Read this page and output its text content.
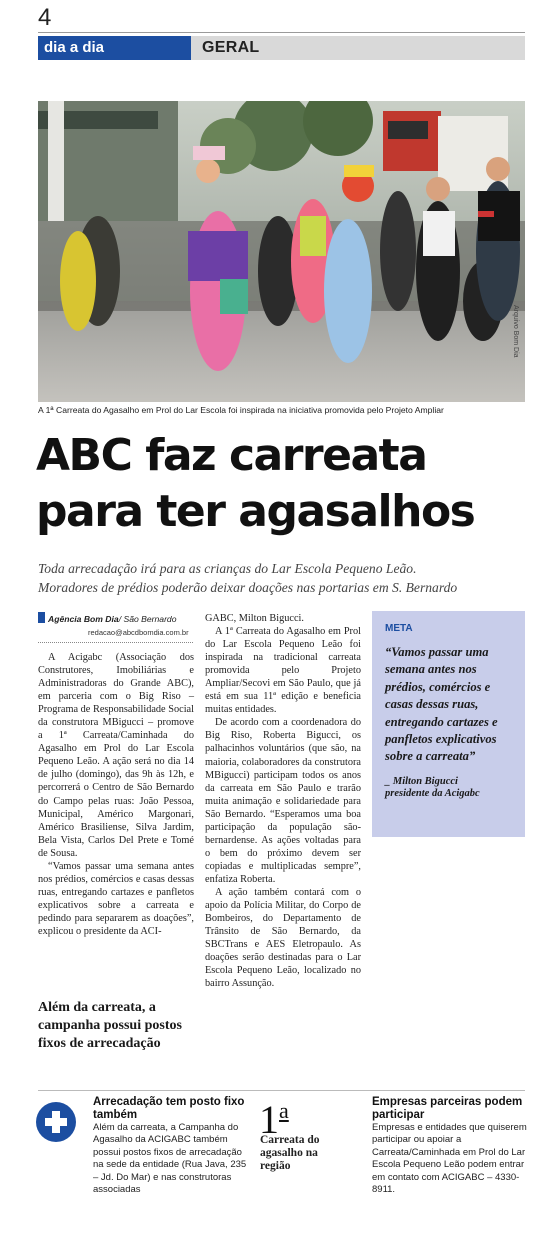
4
dia a dia	GERAL
Arquivo Bom Dia
A 1ª Carreata do Agasalho em Prol do Lar Escola foi inspirada na iniciativa promovida pelo Projeto Ampliar
ABC faz carreata
para ter agasalhos
Toda arrecadação irá para as crianças do Lar Escola Pequeno Leão.
Moradores de prédios poderão deixar doações nas portarias em S. Bernardo
Agência Bom Dia/ São Bernardo
redacao@abcdbomdia.com.br

A Acigabc (Associação dos Construtores, Imobiliárias e Administradoras do Grande ABC), em parceria com o Big Riso – Programa de Responsabilidade Social da construtora MBigucci – promove a 1ª Carreata/Caminhada do Agasalho em Prol do Lar Escola Pequeno Leão. A ação será no dia 14 de julho (domingo), das 9h às 12h, e percorrerá o Centro de São Bernardo do Campo pelas ruas: João Pessoa, Municipal, Américo Margonari, Américo Brasiliense, Silva Jardim, Bela Vista, Carlos Del Prete e Tomé de Sousa.

“Vamos passar uma semana antes nos prédios, comércios e casas dessas ruas, entregando cartazes e panfletos explicativos sobre a carreata e pedindo para separarem as doações”, explicou o presidente da ACI-

Além da carreata, a campanha possui postos fixos de arrecadação
GABC, Milton Bigucci.

A 1ª Carreata do Agasalho em Prol do Lar Escola Pequeno Leão foi inspirada na tradicional carreata promovida pelo Projeto Ampliar/Secovi em São Paulo, que já está em sua 11ª edição e beneficia muitas entidades.

De acordo com a coordenadora do Big Riso, Roberta Bigucci, os palhacinhos voluntários (que são, na maioria, colaboradores da construtora MBigucci) participam todos os anos da carreata em São Paulo e trarão muita animação e solidariedade para São Bernardo. “Esperamos uma boa participação da população são-bernardense. As ações voltadas para o bem do próximo devem ser copiadas e multiplicadas sempre”, enfatiza Roberta.

A ação também contará com o apoio da Polícia Militar, do Corpo de Bombeiros, do Departamento de Trânsito de São Bernardo, da SBCTrans e AES Eletropaulo. As doações serão destinadas para o Lar Escola Pequeno Leão, localizado no bairro Assunção.

META
“Vamos passar uma semana antes nos prédios, comércios e casas dessas ruas, entregando cartazes e panfletos explicativos sobre a carreata”
_ Milton Bigucci
presidente da Acigabc
Arrecadação tem posto fixo também
Além da carreata, a Campanha do Agasalho da ACIGABC também possui postos fixos de arrecadação na sede da entidade (Rua Java, 235 – Jd. Do Mar) e nas construtoras associadas
1$^a$
Carreata do agasalho na região
Empresas parceiras podem participar
Empresas e entidades que quiserem participar ou apoiar a Carreata/Caminhada em Prol do Lar Escola Pequeno Leão podem entrar em contato com ACIGABC – 4330-8911.
